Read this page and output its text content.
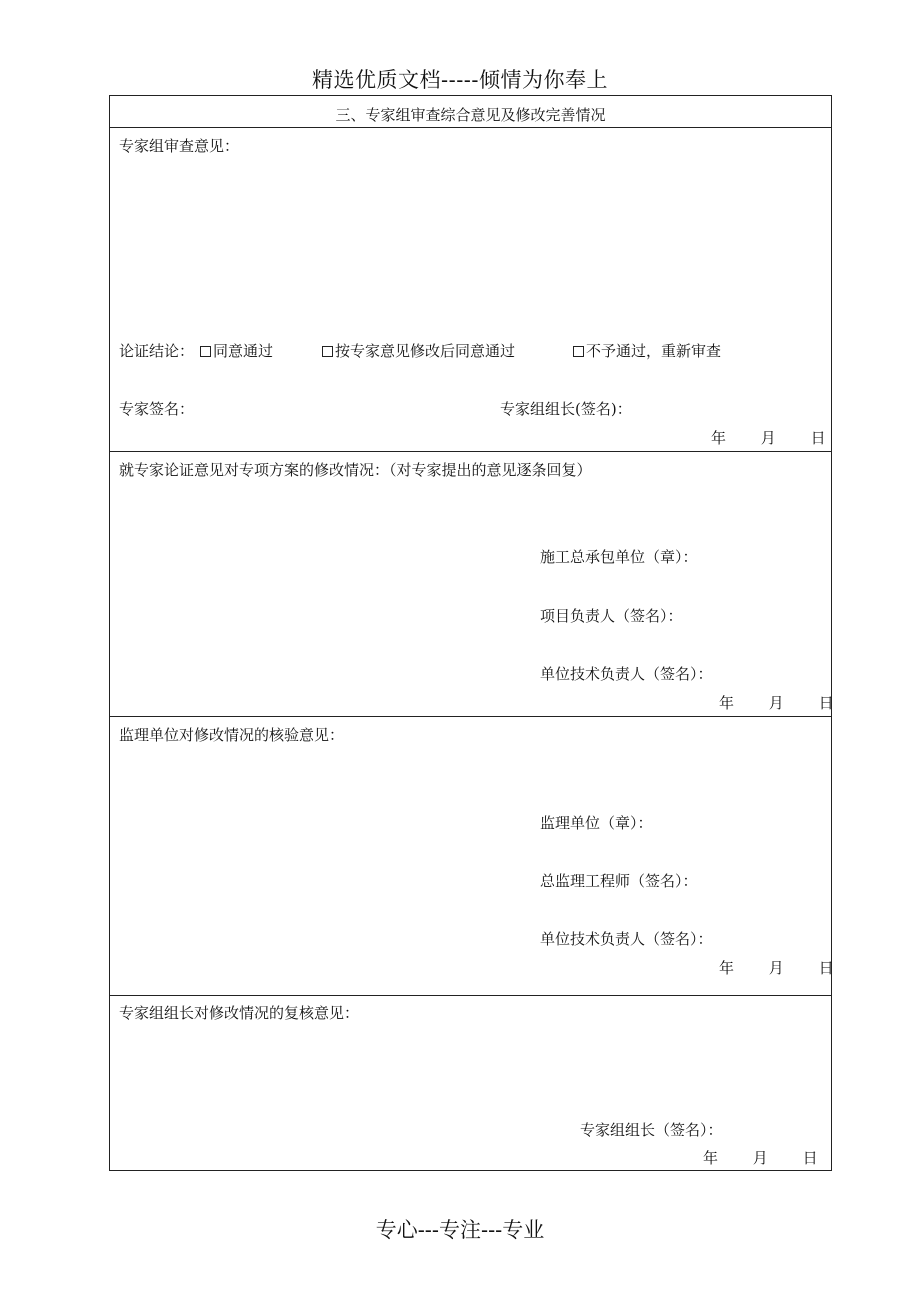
精选优质文档-----倾情为你奉上
三、专家组审查综合意见及修改完善情况
专家组审查意见：
论证结论：	同意通过	按专家意见修改后同意通过	不予通过，重新审查
专家签名：	专家组组长(签名)：
年 月 日
就专家论证意见对专项方案的修改情况：（对专家提出的意见逐条回复）
施工总承包单位（章）：
项目负责人（签名）：
单位技术负责人（签名）：
年 月 日
监理单位对修改情况的核验意见：
监理单位（章）：
总监理工程师（签名）：
单位技术负责人（签名）：
年 月 日
专家组组长对修改情况的复核意见：
专家组组长（签名）：
年 月 日
专心---专注---专业
